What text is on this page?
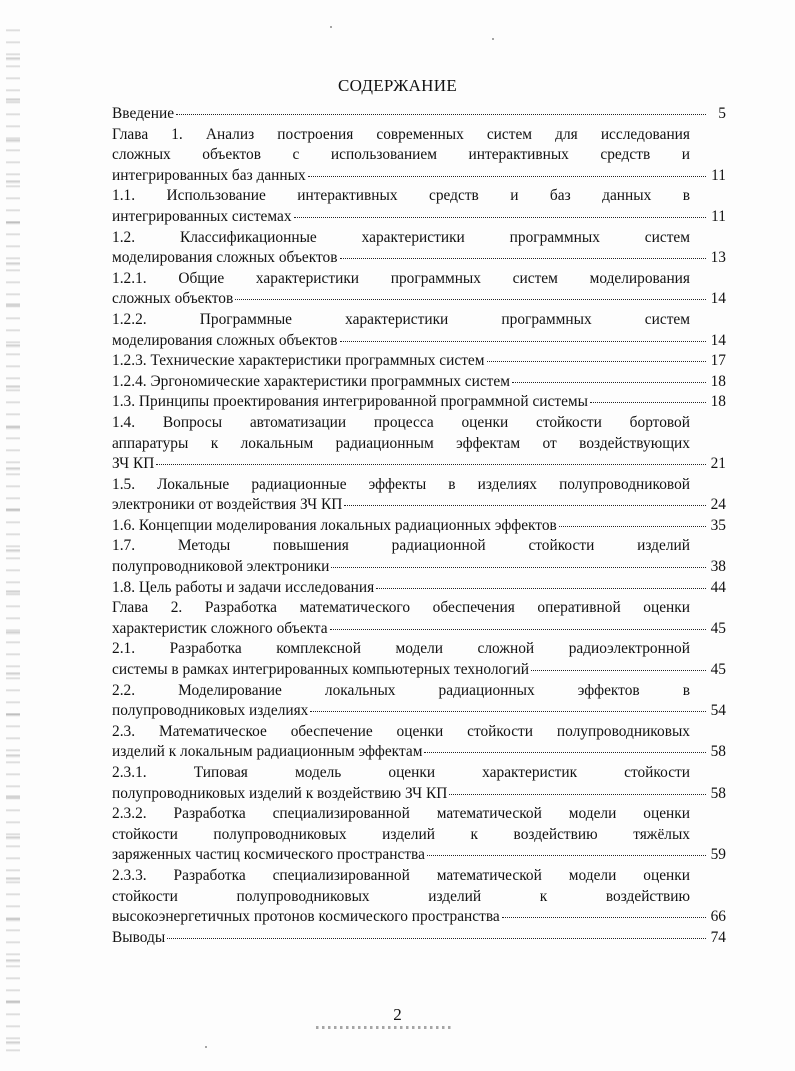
СОДЕРЖАНИЕ
Введение	5
Глава 1. Анализ построения современных систем для исследования
сложных объектов с использованием интерактивных средств и
интегрированных баз данных	11
1.1. Использование интерактивных средств и баз данных в
интегрированных системах	11
1.2. Классификационные характеристики программных систем
моделирования сложных объектов	13
1.2.1. Общие характеристики программных систем моделирования
сложных объектов	14
1.2.2. Программные характеристики программных систем
моделирования сложных объектов	14
1.2.3. Технические характеристики программных систем	17
1.2.4. Эргономические характеристики программных систем	18
1.3. Принципы проектирования интегрированной программной системы	18
1.4. Вопросы автоматизации процесса оценки стойкости бортовой
аппаратуры к локальным радиационным эффектам от воздействующих
ЗЧ КП	21
1.5. Локальные радиационные эффекты в изделиях полупроводниковой
электроники от воздействия ЗЧ КП	24
1.6. Концепции моделирования локальных радиационных эффектов	35
1.7. Методы повышения радиационной стойкости изделий
полупроводниковой электроники	38
1.8. Цель работы и задачи исследования	44
Глава 2. Разработка математического обеспечения оперативной оценки
характеристик сложного объекта	45
2.1. Разработка комплексной модели сложной радиоэлектронной
системы в рамках интегрированных компьютерных технологий	45
2.2. Моделирование локальных радиационных эффектов в
полупроводниковых изделиях	54
2.3. Математическое обеспечение оценки стойкости полупроводниковых
изделий к локальным радиационным эффектам	58
2.3.1. Типовая модель оценки характеристик стойкости
полупроводниковых изделий к воздействию ЗЧ КП	58
2.3.2. Разработка специализированной математической модели оценки
стойкости полупроводниковых изделий к воздействию тяжёлых
заряженных частиц космического пространства	59
2.3.3. Разработка специализированной математической модели оценки
стойкости полупроводниковых изделий к воздействию
высокоэнергетичных протонов космического пространства	66
Выводы	74
2
